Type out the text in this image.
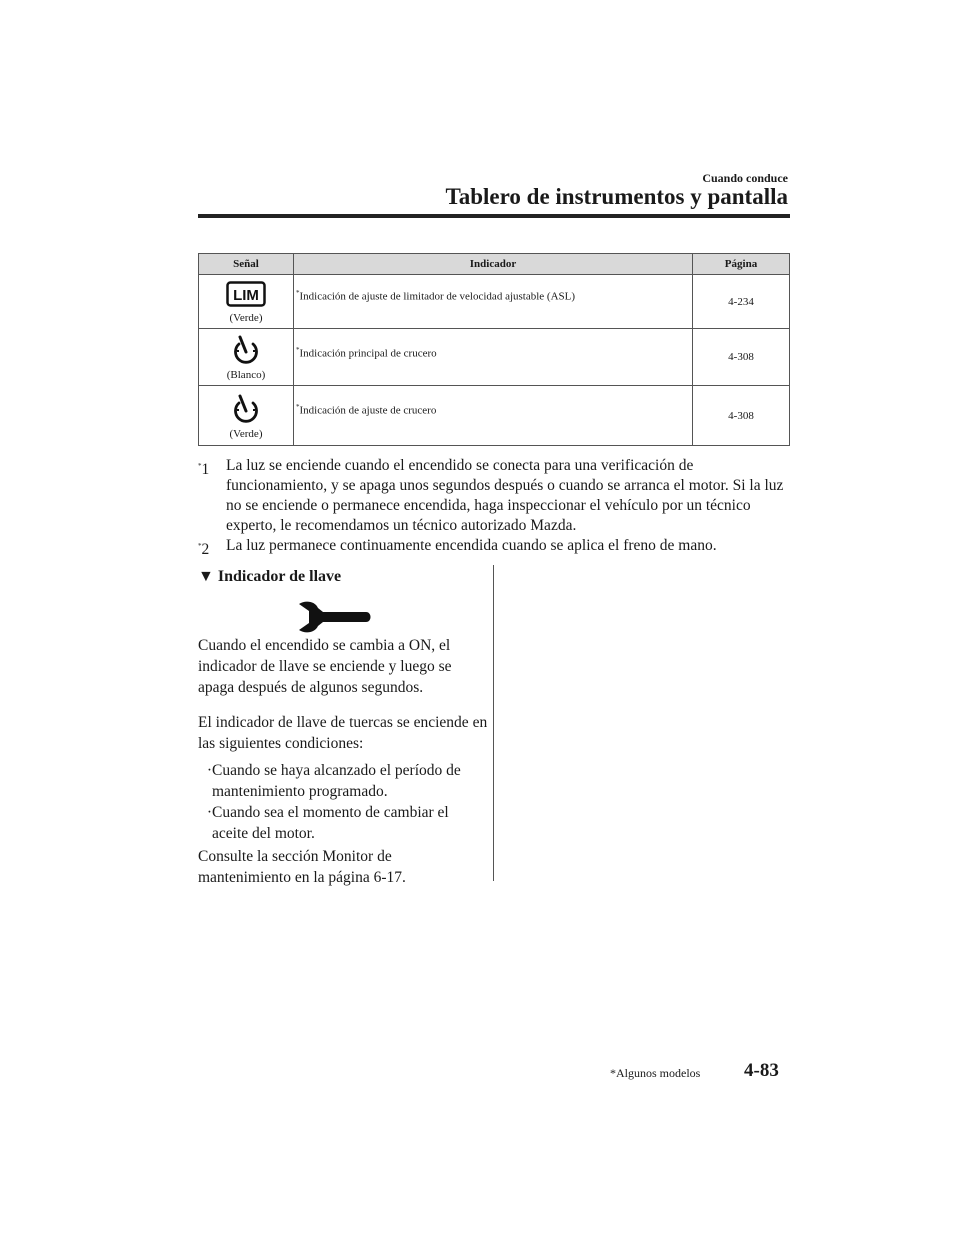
Cuando conduce
Tablero de instrumentos y pantalla
Señal	Indicador	Página

LIM
(Verde)	*Indicación de ajuste de limitador de velocidad ajustable (ASL)	4-234

(Blanco)	*Indicación principal de crucero	4-308

(Verde)	*Indicación de ajuste de crucero	4-308
*1 La luz se enciende cuando el encendido se conecta para una verificación de funcionamiento, y se apaga unos segundos después o cuando se arranca el motor. Si la luz no se enciende o permanece encendida, haga inspeccionar el vehículo por un técnico experto, le recomendamos un técnico autorizado Mazda.
*2 La luz permanece continuamente encendida cuando se aplica el freno de mano.
▼ Indicador de llave
Cuando el encendido se cambia a ON, el indicador de llave se enciende y luego se apaga después de algunos segundos.
El indicador de llave de tuercas se enciende en las siguientes condiciones:
·Cuando se haya alcanzado el período de mantenimiento programado.
·Cuando sea el momento de cambiar el aceite del motor.
Consulte la sección Monitor de mantenimiento en la página 6-17.
*Algunos modelos 4-83
